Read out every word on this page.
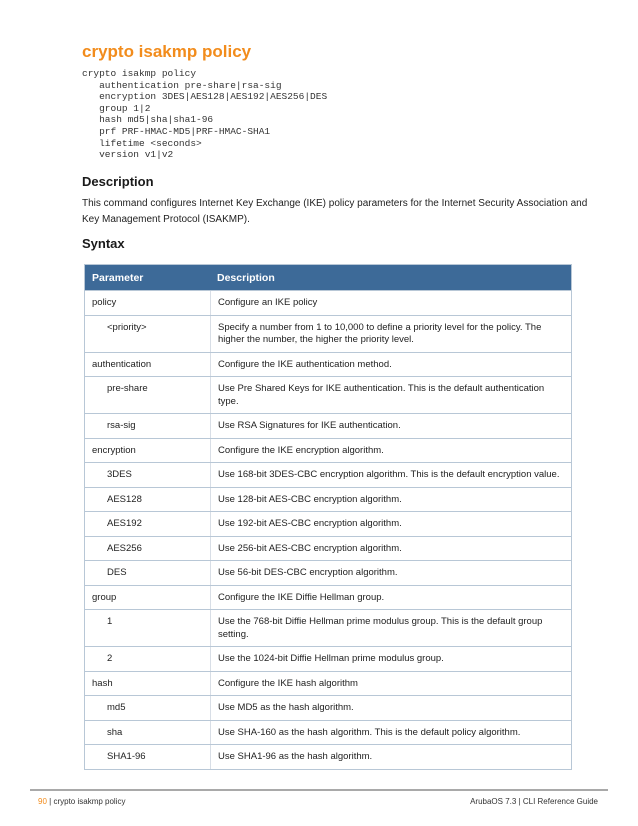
crypto isakmp policy
crypto isakmp policy
authentication pre-share|rsa-sig
encryption 3DES|AES128|AES192|AES256|DES
group 1|2
hash md5|sha|sha1-96
prf PRF-HMAC-MD5|PRF-HMAC-SHA1
lifetime <seconds>
version v1|v2
Description

This command configures Internet Key Exchange (IKE) policy parameters for the Internet Security Association and Key Management Protocol (ISAKMP).

Syntax
Parameter	Description
policy	Configure an IKE policy
<priority>	Specify a number from 1 to 10,000 to define a priority level for the policy. The higher the number, the higher the priority level.
authentication	Configure the IKE authentication method.
pre-share	Use Pre Shared Keys for IKE authentication. This is the default authentication type.
rsa-sig	Use RSA Signatures for IKE authentication.
encryption	Configure the IKE encryption algorithm.
3DES	Use 168-bit 3DES-CBC encryption algorithm. This is the default encryption value.
AES128	Use 128-bit AES-CBC encryption algorithm.
AES192	Use 192-bit AES-CBC encryption algorithm.
AES256	Use 256-bit AES-CBC encryption algorithm.
DES	Use 56-bit DES-CBC encryption algorithm.
group	Configure the IKE Diffie Hellman group.
1	Use the 768-bit Diffie Hellman prime modulus group. This is the default group setting.
2	Use the 1024-bit Diffie Hellman prime modulus group.
hash	Configure the IKE hash algorithm
md5	Use MD5 as the hash algorithm.
sha	Use SHA-160 as the hash algorithm. This is the default policy algorithm.
SHA1-96	Use SHA1-96 as the hash algorithm.
90 | crypto isakmp policy	ArubaOS 7.3 | CLI Reference Guide
